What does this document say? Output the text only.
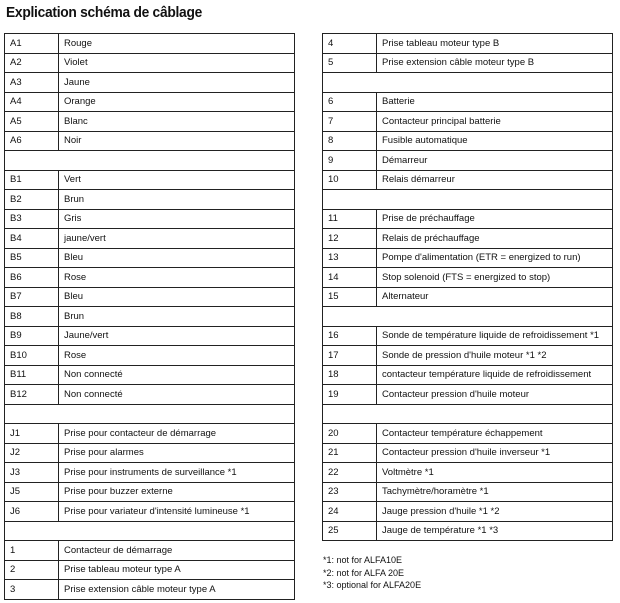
Explication schéma de câblage
A1	Rouge
A2	Violet
A3	Jaune
A4	Orange
A5	Blanc
A6	Noir

B1	Vert
B2	Brun
B3	Gris
B4	jaune/vert
B5	Bleu
B6	Rose
B7	Bleu
B8	Brun
B9	Jaune/vert
B10	Rose
B11	Non connecté
B12	Non connecté

J1	Prise pour contacteur de démarrage
J2	Prise pour alarmes
J3	Prise pour instruments de surveillance *1
J5	Prise pour buzzer externe
J6	Prise pour variateur d'intensité lumineuse *1

1	Contacteur de démarrage
2	Prise tableau moteur type A
3	Prise extension câble moteur type A
4	Prise tableau moteur type B
5	Prise extension câble moteur type B

6	Batterie
7	Contacteur principal batterie
8	Fusible automatique
9	Démarreur
10	Relais démarreur

11	Prise de préchauffage
12	Relais de préchauffage
13	Pompe d'alimentation (ETR = energized to run)
14	Stop solenoid (FTS = energized to stop)
15	Alternateur

16	Sonde de température liquide de refroidissement *1
17	Sonde de pression d'huile moteur *1 *2
18	contacteur température liquide de refroidissement
19	Contacteur pression d'huile moteur

20	Contacteur température échappement
21	Contacteur pression d'huile inverseur *1
22	Voltmètre *1
23	Tachymètre/horamètre *1
24	Jauge pression d'huile *1 *2
25	Jauge de température *1 *3
*1: not for ALFA10E
*2: not for ALFA 20E
*3: optional for ALFA20E
